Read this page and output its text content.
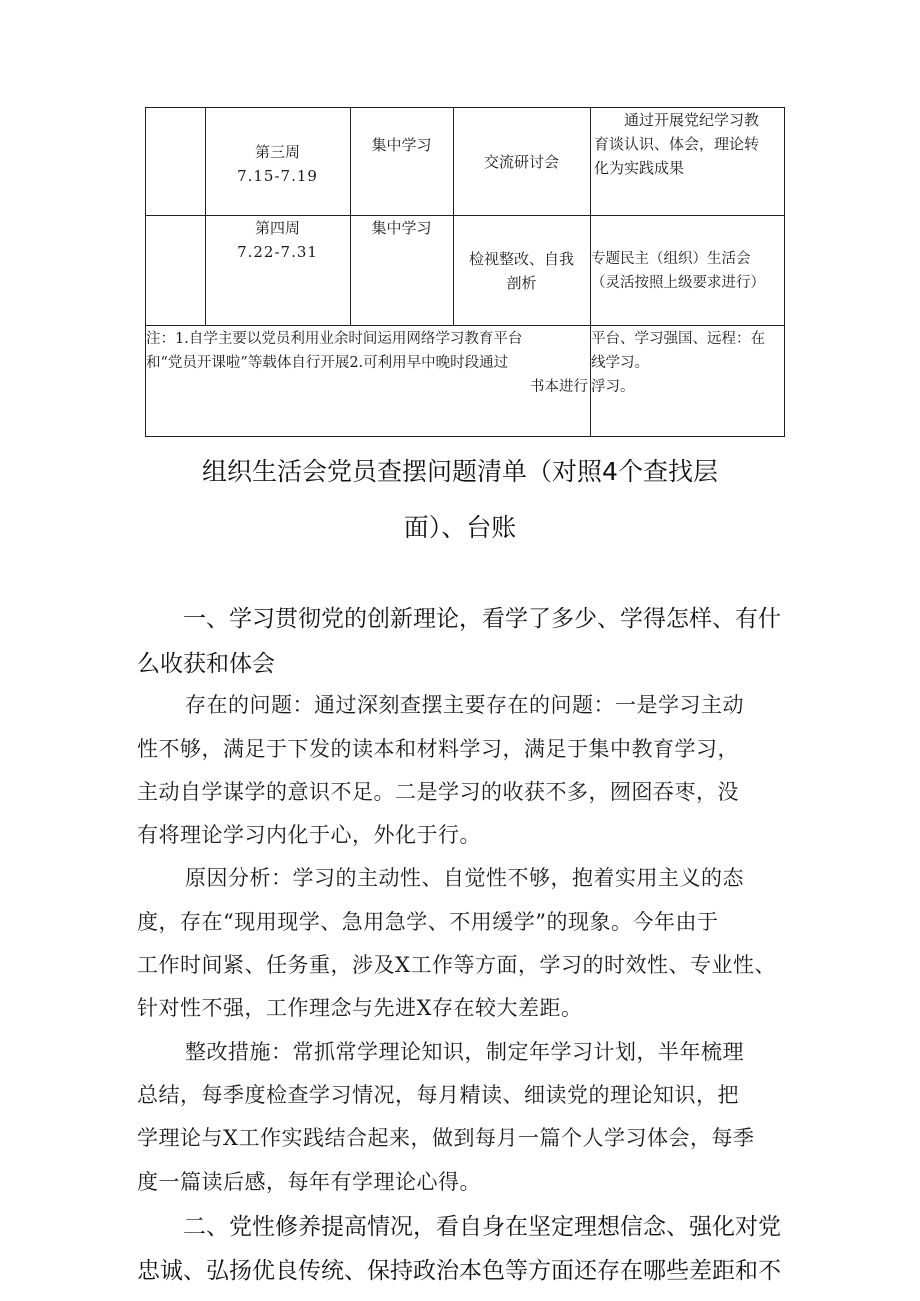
第三周
7.15-7.19
集中学习
交流研讨会
通过开展党纪学习教
育谈认识、体会，理论转
化为实践成果
第四周
7.22-7.31
集中学习
检视整改、自我
剖析
专题民主（组织）生活会
（灵活按照上级要求进行）
注：1.自学主要以党员利用业余时间运用网络学习教育平台
和“党员开课啦”等载体自行开展2.可利用早中晚时段通过
书本进行
平台、学习强国、远程：在
线学习。
浮习。
组织生活会党员查摆问题清单（对照4个查找层
面）、台账
一、学习贯彻党的创新理论，看学了多少、学得怎样、有什
么收获和体会
存在的问题：通过深刻查摆主要存在的问题：一是学习主动
性不够，满足于下发的读本和材料学习，满足于集中教育学习，
主动自学谋学的意识不足。二是学习的收获不多，囫囵吞枣，没
有将理论学习内化于心，外化于行。
原因分析：学习的主动性、自觉性不够，抱着实用主义的态
度，存在“现用现学、急用急学、不用缓学”的现象。今年由于
工作时间紧、任务重，涉及X工作等方面，学习的时效性、专业性、
针对性不强，工作理念与先进X存在较大差距。
整改措施：常抓常学理论知识，制定年学习计划，半年梳理
总结，每季度检查学习情况，每月精读、细读党的理论知识，把
学理论与X工作实践结合起来，做到每月一篇个人学习体会，每季
度一篇读后感，每年有学理论心得。
二、党性修养提高情况，看自身在坚定理想信念、强化对党
忠诚、弘扬优良传统、保持政治本色等方面还存在哪些差距和不
